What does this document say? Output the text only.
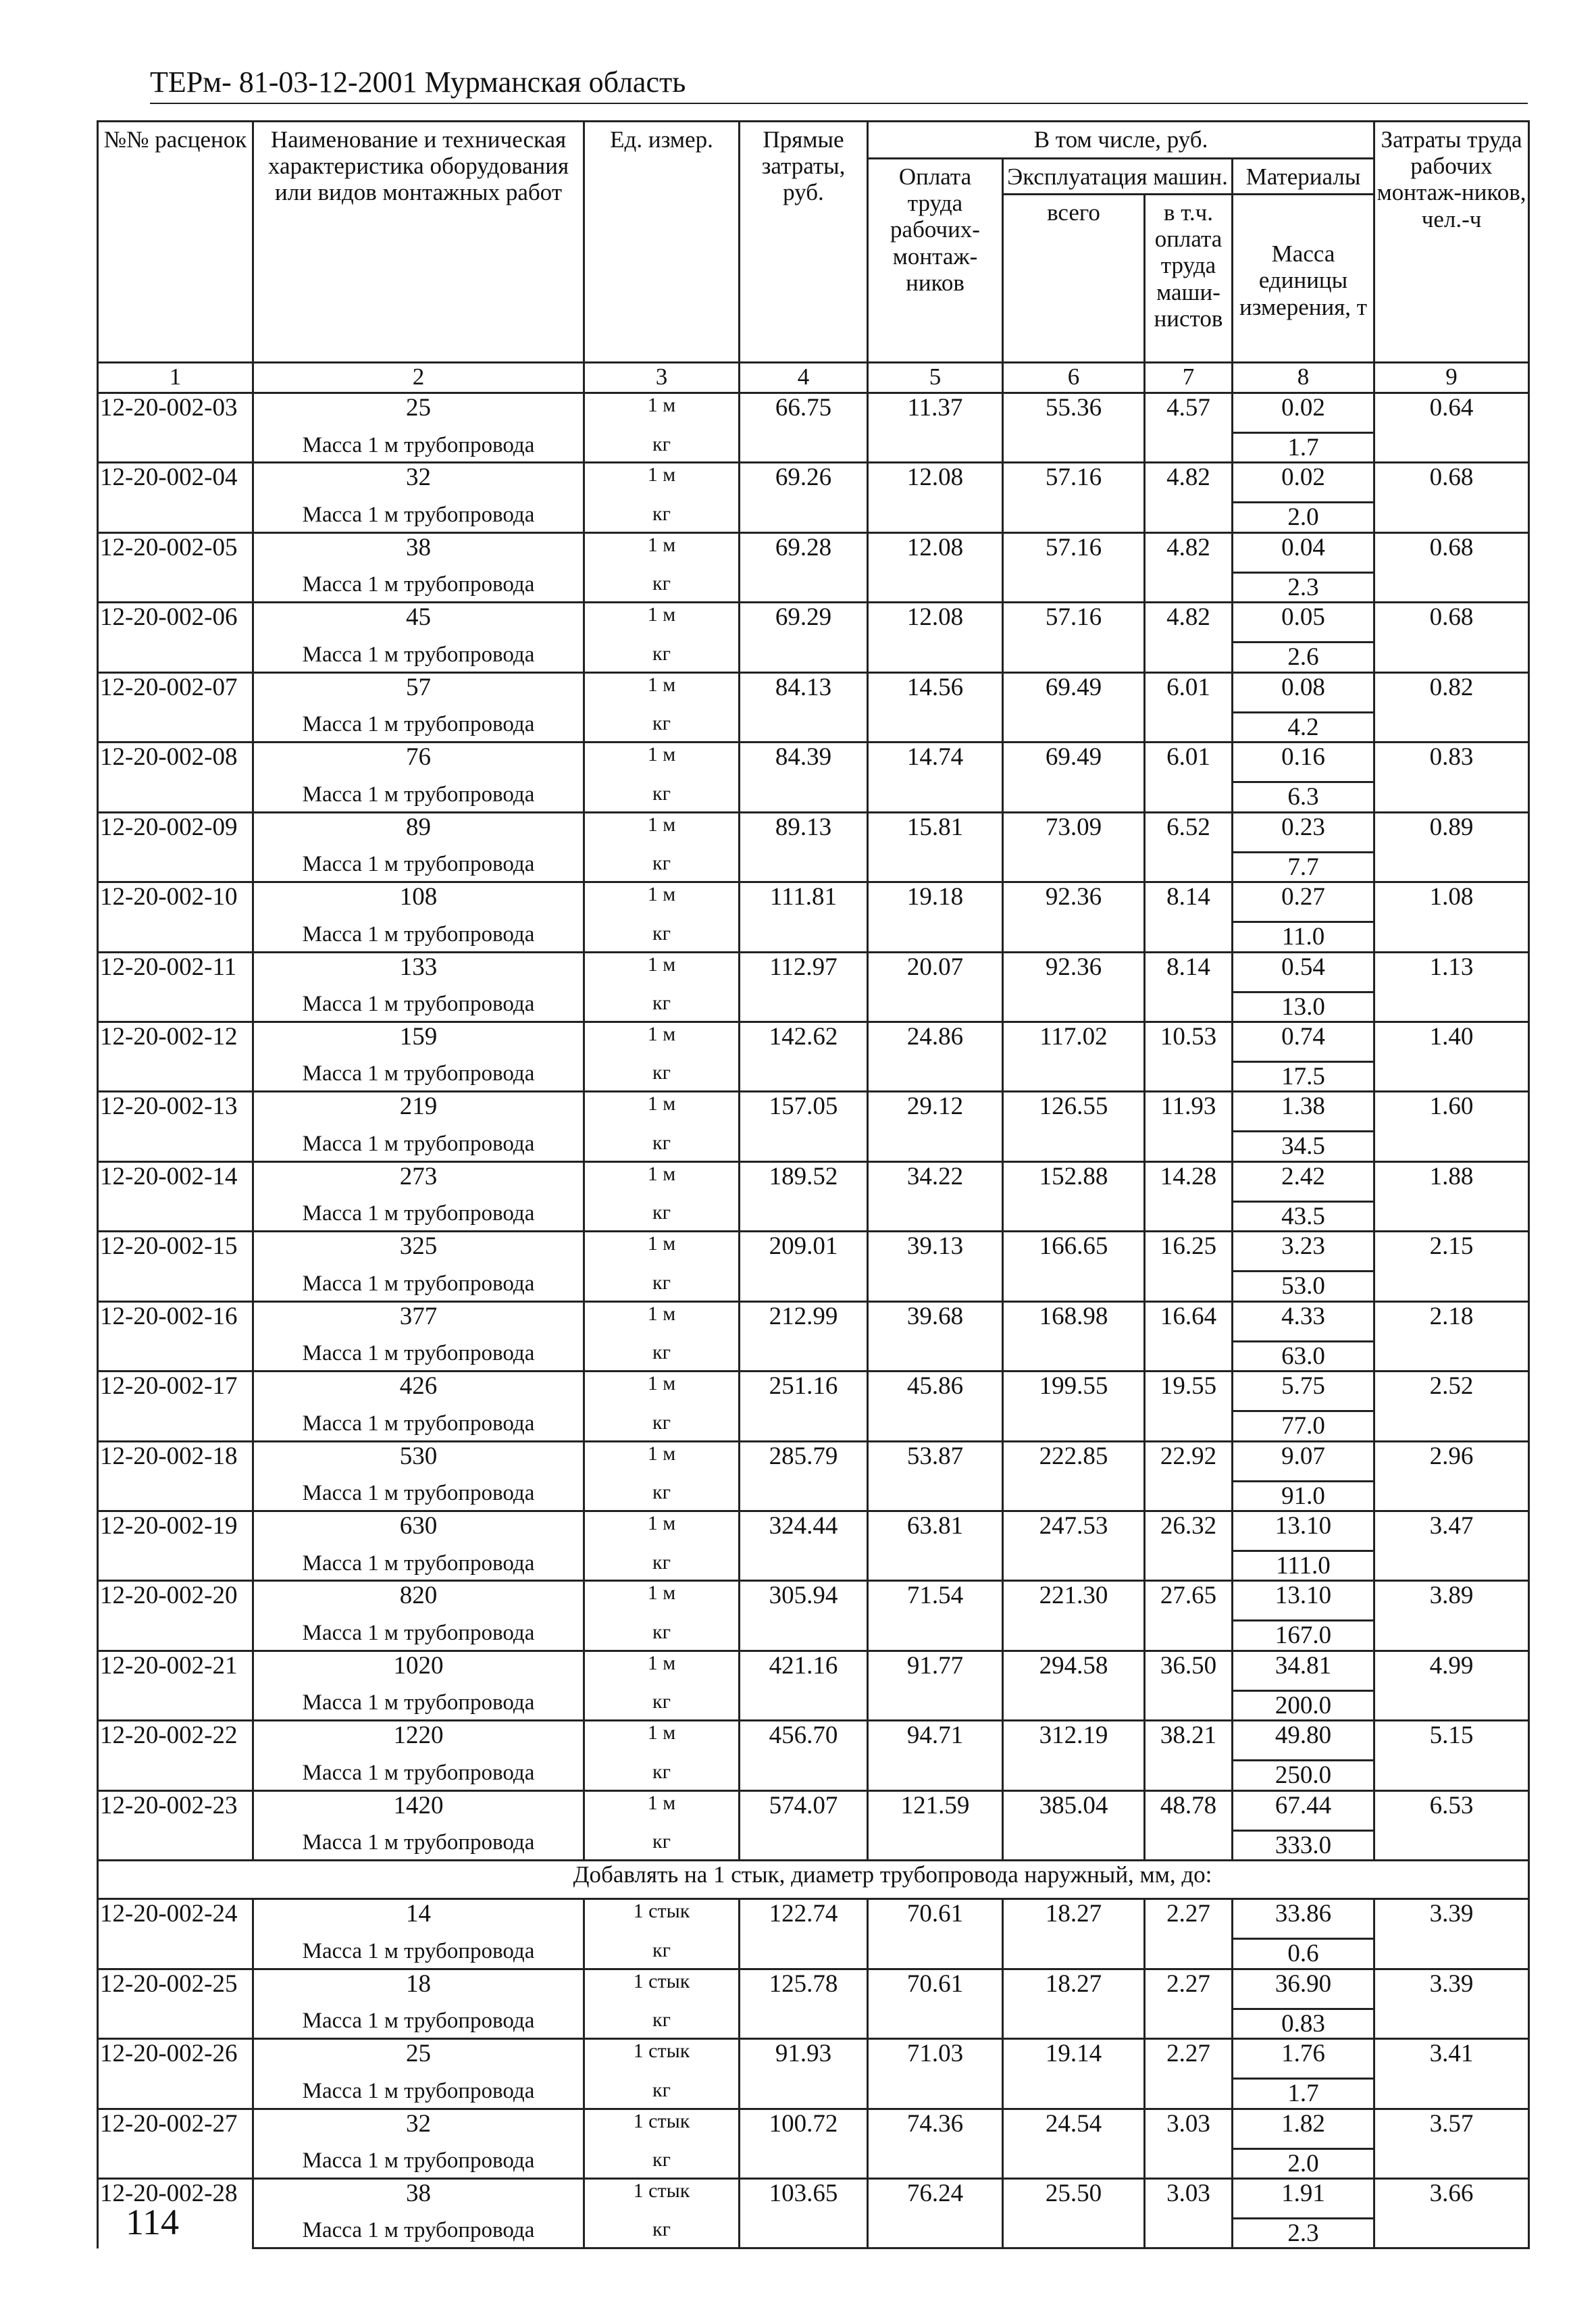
ТЕРм- 81-03-12-2001 Мурманская область
№№ расценок	Наименование и техническая характеристика оборудования или видов монтажных работ	Ед. измер.	Прямые затраты, руб.	В том числе, руб.				Затраты труда рабочих монтаж-ников, чел.-ч
				Оплата труда рабочих-монтаж-ников	Эксплуатация машин.		Материалы	
					всего	в т.ч. оплата труда маши-нистов	Масса единицы измерения, т	
1	2	3	4	5	6	7	8	9
12-20-002-03	25	1 м	66.75	11.37	55.36	4.57	0.02	0.64
	Масса 1 м трубопровода	кг					1.7	
12-20-002-04	32	1 м	69.26	12.08	57.16	4.82	0.02	0.68
	Масса 1 м трубопровода	кг					2.0	
12-20-002-05	38	1 м	69.28	12.08	57.16	4.82	0.04	0.68
	Масса 1 м трубопровода	кг					2.3	
12-20-002-06	45	1 м	69.29	12.08	57.16	4.82	0.05	0.68
	Масса 1 м трубопровода	кг					2.6	
12-20-002-07	57	1 м	84.13	14.56	69.49	6.01	0.08	0.82
	Масса 1 м трубопровода	кг					4.2	
12-20-002-08	76	1 м	84.39	14.74	69.49	6.01	0.16	0.83
	Масса 1 м трубопровода	кг					6.3	
12-20-002-09	89	1 м	89.13	15.81	73.09	6.52	0.23	0.89
	Масса 1 м трубопровода	кг					7.7	
12-20-002-10	108	1 м	111.81	19.18	92.36	8.14	0.27	1.08
	Масса 1 м трубопровода	кг					11.0	
12-20-002-11	133	1 м	112.97	20.07	92.36	8.14	0.54	1.13
	Масса 1 м трубопровода	кг					13.0	
12-20-002-12	159	1 м	142.62	24.86	117.02	10.53	0.74	1.40
	Масса 1 м трубопровода	кг					17.5	
12-20-002-13	219	1 м	157.05	29.12	126.55	11.93	1.38	1.60
	Масса 1 м трубопровода	кг					34.5	
12-20-002-14	273	1 м	189.52	34.22	152.88	14.28	2.42	1.88
	Масса 1 м трубопровода	кг					43.5	
12-20-002-15	325	1 м	209.01	39.13	166.65	16.25	3.23	2.15
	Масса 1 м трубопровода	кг					53.0	
12-20-002-16	377	1 м	212.99	39.68	168.98	16.64	4.33	2.18
	Масса 1 м трубопровода	кг					63.0	
12-20-002-17	426	1 м	251.16	45.86	199.55	19.55	5.75	2.52
	Масса 1 м трубопровода	кг					77.0	
12-20-002-18	530	1 м	285.79	53.87	222.85	22.92	9.07	2.96
	Масса 1 м трубопровода	кг					91.0	
12-20-002-19	630	1 м	324.44	63.81	247.53	26.32	13.10	3.47
	Масса 1 м трубопровода	кг					111.0	
12-20-002-20	820	1 м	305.94	71.54	221.30	27.65	13.10	3.89
	Масса 1 м трубопровода	кг					167.0	
12-20-002-21	1020	1 м	421.16	91.77	294.58	36.50	34.81	4.99
	Масса 1 м трубопровода	кг					200.0	
12-20-002-22	1220	1 м	456.70	94.71	312.19	38.21	49.80	5.15
	Масса 1 м трубопровода	кг					250.0	
12-20-002-23	1420	1 м	574.07	121.59	385.04	48.78	67.44	6.53
	Масса 1 м трубопровода	кг					333.0	
Добавлять на 1 стык, диаметр трубопровода наружный, мм, до:								
12-20-002-24	14	1 стык	122.74	70.61	18.27	2.27	33.86	3.39
	Масса 1 м трубопровода	кг					0.6	
12-20-002-25	18	1 стык	125.78	70.61	18.27	2.27	36.90	3.39
	Масса 1 м трубопровода	кг					0.83	
12-20-002-26	25	1 стык	91.93	71.03	19.14	2.27	1.76	3.41
	Масса 1 м трубопровода	кг					1.7	
12-20-002-27	32	1 стык	100.72	74.36	24.54	3.03	1.82	3.57
	Масса 1 м трубопровода	кг					2.0	
12-20-002-28	38	1 стык	103.65	76.24	25.50	3.03	1.91	3.66
	Масса 1 м трубопровода	кг					2.3	
114
